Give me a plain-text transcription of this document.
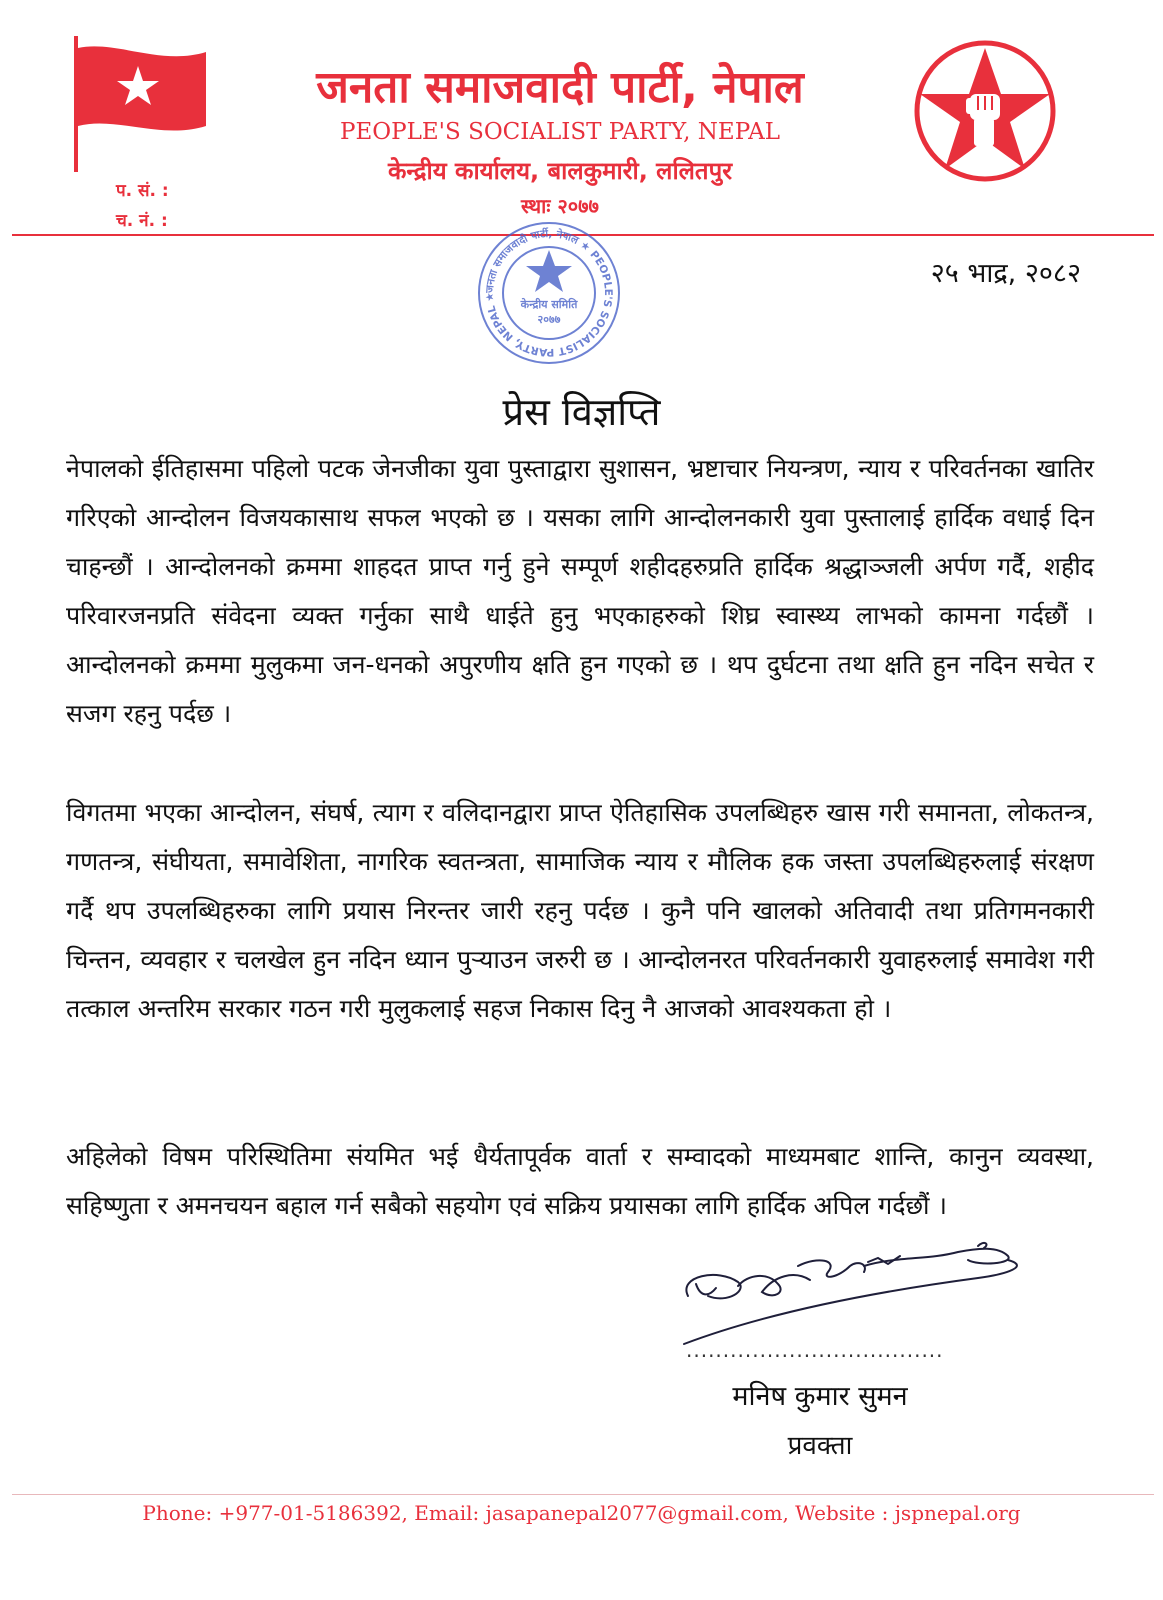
जनता समाजवादी पार्टी, नेपाल
PEOPLE'S SOCIALIST PARTY, NEPAL
केन्द्रीय कार्यालय, बालकुमारी, ललितपुर
स्थाः २०७७
प. सं. :
च. नं. :
जनता समाजवादी पार्टी, नेपाल ★ PEOPLE'S SOCIALIST PARTY, NEPAL ★
केन्द्रीय समिति
२०७७
२५ भाद्र, २०८२
प्रेस विज्ञप्ति
नेपालको ईतिहासमा पहिलो पटक जेनजीका युवा पुस्ताद्वारा सुशासन, भ्रष्टाचार नियन्त्रण, न्याय र परिवर्तनका खातिर गरिएको आन्दोलन विजयकासाथ सफल भएको छ । यसका लागि आन्दोलनकारी युवा पुस्तालाई हार्दिक वधाई दिन चाहन्छौं । आन्दोलनको क्रममा शाहदत प्राप्त गर्नु हुने सम्पूर्ण शहीदहरुप्रति हार्दिक श्रद्धाञ्जली अर्पण गर्दै, शहीद परिवारजनप्रति संवेदना व्यक्त गर्नुका साथै धाईते हुनु भएकाहरुको शिघ्र स्वास्थ्य लाभको कामना गर्दछौं । आन्दोलनको क्रममा मुलुकमा जन-धनको अपुरणीय क्षति हुन गएको छ । थप दुर्घटना तथा क्षति हुन नदिन सचेत र सजग रहनु पर्दछ ।
विगतमा भएका आन्दोलन, संघर्ष, त्याग र वलिदानद्वारा प्राप्त ऐतिहासिक उपलब्धिहरु खास गरी समानता, लोकतन्त्र, गणतन्त्र, संघीयता, समावेशिता, नागरिक स्वतन्त्रता, सामाजिक न्याय र मौलिक हक जस्ता उपलब्धिहरुलाई संरक्षण गर्दै थप उपलब्धिहरुका लागि प्रयास निरन्तर जारी रहनु पर्दछ । कुनै पनि खालको अतिवादी तथा प्रतिगमनकारी चिन्तन, व्यवहार र चलखेल हुन नदिन ध्यान पुऱ्याउन जरुरी छ । आन्दोलनरत परिवर्तनकारी युवाहरुलाई समावेश गरी तत्काल अन्तरिम सरकार गठन गरी मुलुकलाई सहज निकास दिनु नै आजको आवश्यकता हो ।
अहिलेको विषम परिस्थितिमा संयमित भई धैर्यतापूर्वक वार्ता र सम्वादको माध्यमबाट शान्ति, कानुन व्यवस्था, सहिष्णुता र अमनचयन बहाल गर्न सबैको सहयोग एवं सक्रिय प्रयासका लागि हार्दिक अपिल गर्दछौं ।
...................................
मनिष कुमार सुमन
प्रवक्ता
Phone: +977-01-5186392, Email: jasapanepal2077@gmail.com, Website : jspnepal.org
